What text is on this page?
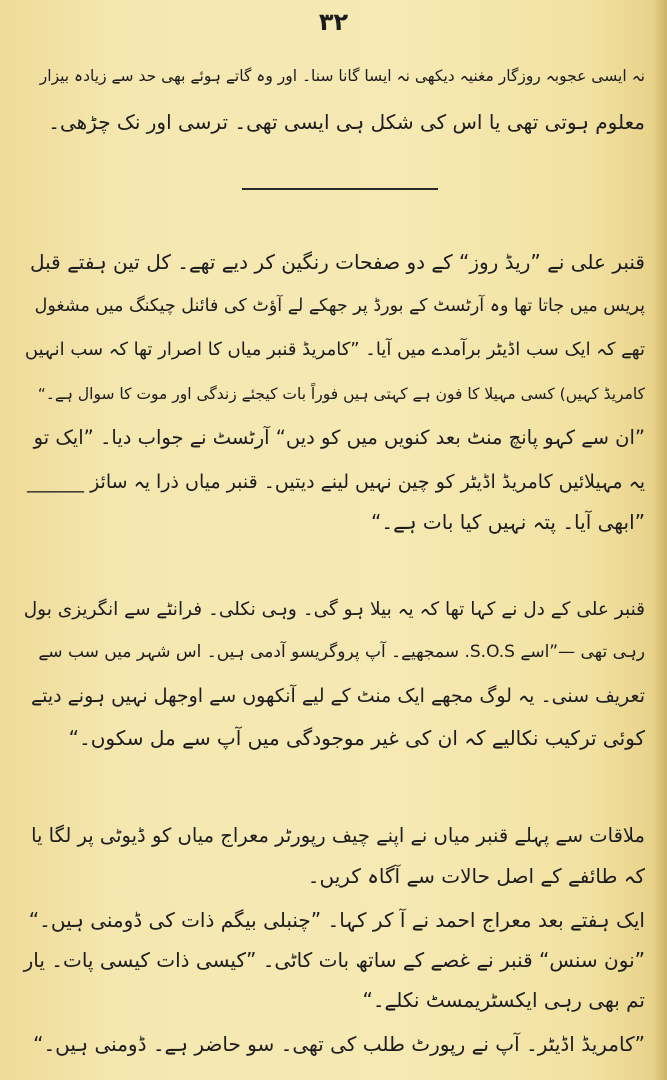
۳۲
نہ ایسی عجوبہ روزگار مغنیہ دیکھی نہ ایسا گانا سنا۔ اور وہ گاتے ہوئے بھی حد سے زیادہ بیزار
معلوم ہوتی تھی یا اس کی شکل ہی ایسی تھی۔ ترسی اور نک چڑھی۔
قنبر علی نے ”ریڈ روز“ کے دو صفحات رنگین کر دیے تھے۔ کل تین ہفتے قبل
پریس میں جاتا تھا وہ آرٹسٹ کے بورڈ پر جھکے لے آؤٹ کی فائنل چیکنگ میں مشغول
تھے کہ ایک سب اڈیٹر برآمدے میں آیا۔ ”کامریڈ قنبر میاں کا اصرار تھا کہ سب انہیں
کامریڈ کہیں) کسی مہیلا کا فون ہے کہتی ہیں فوراً بات کیجئے زندگی اور موت کا سوال ہے۔“
”ان سے کہو پانچ منٹ بعد کنویں میں کو دیں“ آرٹسٹ نے جواب دیا۔ ”ایک تو
یہ مہیلائیں کامریڈ اڈیٹر کو چین نہیں لینے دیتیں۔ قنبر میاں ذرا یہ سائز ______
”ابھی آیا۔ پتہ نہیں کیا بات ہے۔“
قنبر علی کے دل نے کہا تھا کہ یہ بیلا ہو گی۔ وہی نکلی۔ فرانٹے سے انگریزی بول
رہی تھی —”اسے S.O.S. سمجھیے۔ آپ پروگریسو آدمی ہیں۔ اس شہر میں سب سے
تعریف سنی۔ یہ لوگ مجھے ایک منٹ کے لیے آنکھوں سے اوجھل نہیں ہونے دیتے
کوئی ترکیب نکالیے کہ ان کی غیر موجودگی میں آپ سے مل سکوں۔“
ملاقات سے پہلے قنبر میاں نے اپنے چیف رپورٹر معراج میاں کو ڈیوٹی پر لگا یا
کہ طائفے کے اصل حالات سے آگاہ کریں۔
ایک ہفتے بعد معراج احمد نے آ کر کہا۔ ”چنبلی بیگم ذات کی ڈومنی ہیں۔“
”نون سنس“ قنبر نے غصے کے ساتھ بات کاٹی۔ ”کیسی ذات کیسی پات۔ یار
تم بھی رہی ایکسٹریمسٹ نکلے۔“
”کامریڈ اڈیٹر۔ آپ نے رپورٹ طلب کی تھی۔ سو حاضر ہے۔ ڈومنی ہیں۔“
